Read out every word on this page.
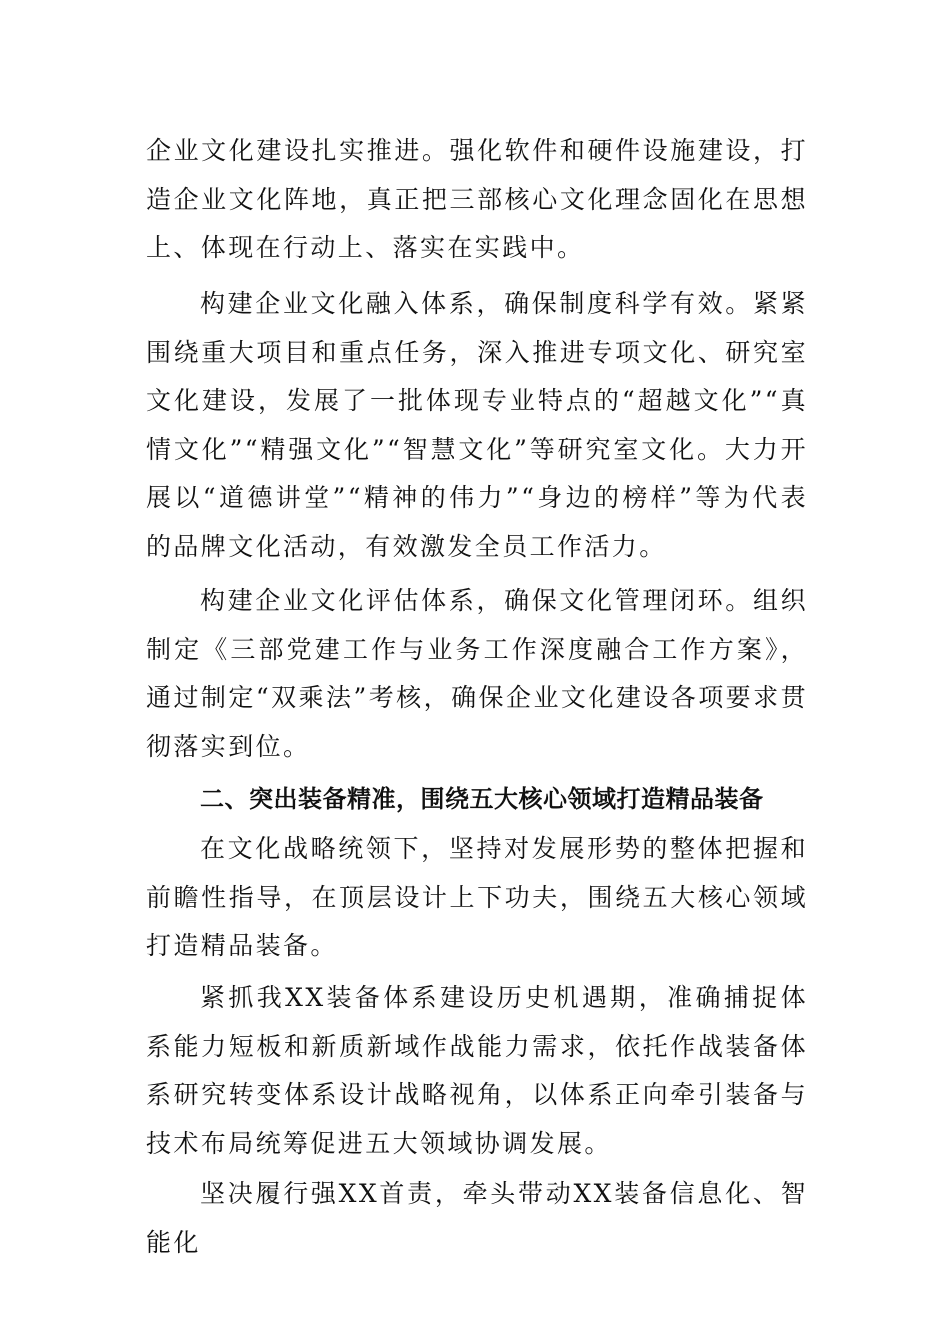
企业文化建设扎实推进。强化软件和硬件设施建设，打造企业文化阵地，真正把三部核心文化理念固化在思想上、体现在行动上、落实在实践中。

构建企业文化融入体系，确保制度科学有效。紧紧围绕重大项目和重点任务，深入推进专项文化、研究室文化建设，发展了一批体现专业特点的“超越文化”“真情文化”“精强文化”“智慧文化”等研究室文化。大力开展以“道德讲堂”“精神的伟力”“身边的榜样”等为代表的品牌文化活动，有效激发全员工作活力。

构建企业文化评估体系，确保文化管理闭环。组织制定《三部党建工作与业务工作深度融合工作方案》，通过制定“双乘法”考核，确保企业文化建设各项要求贯彻落实到位。

二、突出装备精准，围绕五大核心领域打造精品装备

在文化战略统领下，坚持对发展形势的整体把握和前瞻性指导，在顶层设计上下功夫，围绕五大核心领域打造精品装备。

紧抓我XX装备体系建设历史机遇期，准确捕捉体系能力短板和新质新域作战能力需求，依托作战装备体系研究转变体系设计战略视角，以体系正向牵引装备与技术布局统筹促进五大领域协调发展。

坚决履行强XX首责，牵头带动XX装备信息化、智能化
